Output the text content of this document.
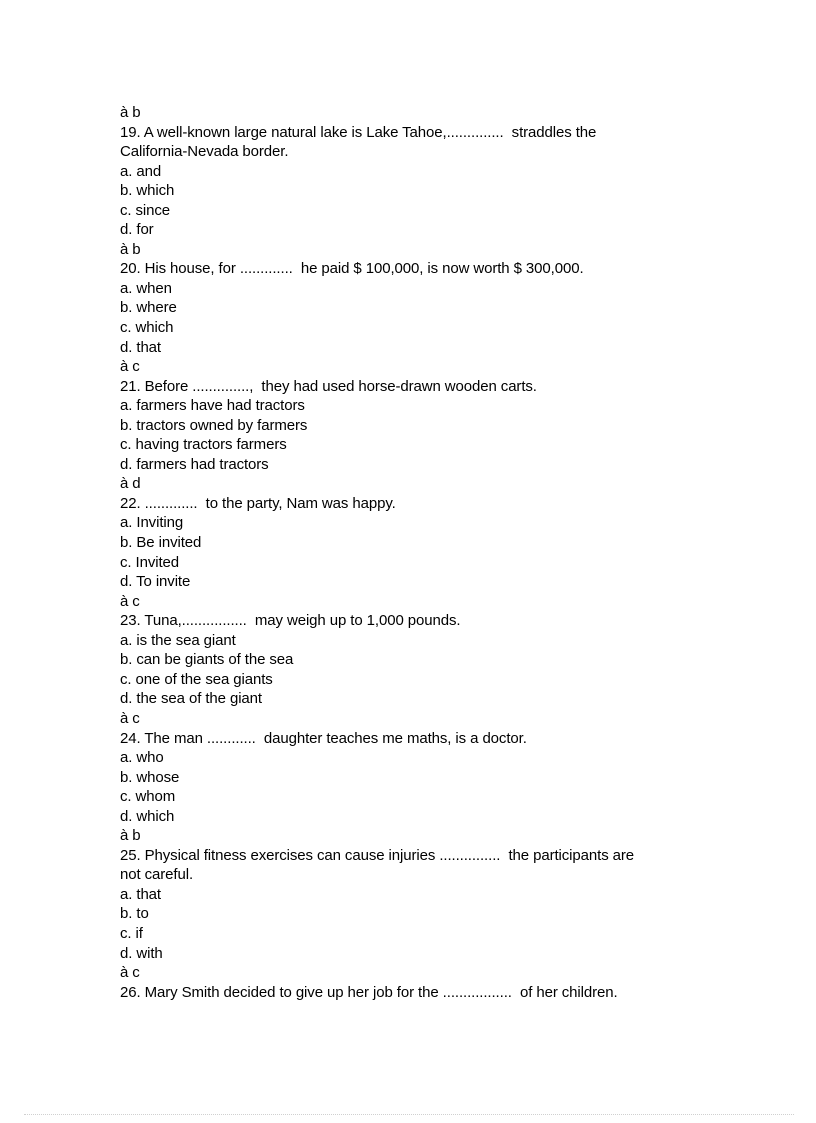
à b
19. A well-known large natural lake is Lake Tahoe,..............  straddles the
California-Nevada border.
a. and
b. which
c. since
d. for
à b
20. His house, for .............  he paid $ 100,000, is now worth $ 300,000.
a. when
b. where
c. which
d. that
à c
21. Before ..............,  they had used horse-drawn wooden carts.
a. farmers have had tractors
b. tractors owned by farmers
c. having tractors farmers
d. farmers had tractors
à d
22. .............  to the party, Nam was happy.
a. Inviting
b. Be invited
c. Invited
d. To invite
à c
23. Tuna,................  may weigh up to 1,000 pounds.
a. is the sea giant
b. can be giants of the sea
c. one of the sea giants
d. the sea of the giant
à c
24. The man ............  daughter teaches me maths, is a doctor.
a. who
b. whose
c. whom
d. which
à b
25. Physical fitness exercises can cause injuries ...............  the participants are
not careful.
a. that
b. to
c. if
d. with
à c
26. Mary Smith decided to give up her job for the .................  of her children.
